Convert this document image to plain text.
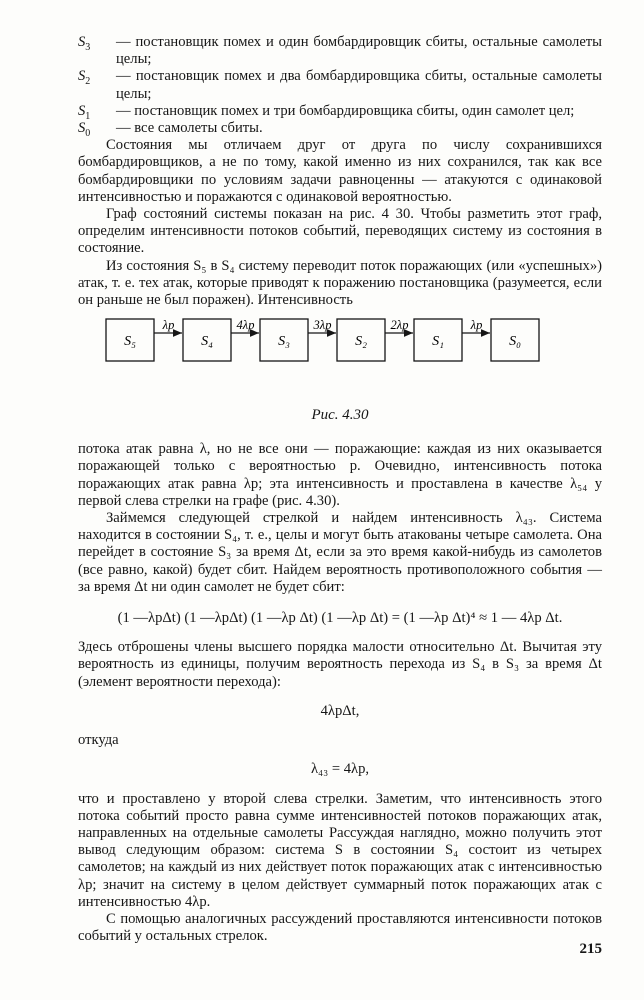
$S_3$	— постановщик помех и один бомбардировщик сбиты, остальные самолеты целы;
$S_2$	— постановщик помех и два бомбардировщика сбиты, остальные самолеты целы;
$S_1$	— постановщик помех и три бомбардировщика сбиты, один самолет цел;
$S_0$	— все самолеты сбиты.

Состояния мы отличаем друг от друга по числу сохранившихся бомбардировщиков, а не по тому, какой именно из них сохранился, так как все бомбардировщики по условиям задачи равноценны — атакуются с одинаковой интенсивностью и поражаются с одинаковой вероятностью.

Граф состояний системы показан на рис. 4 30. Чтобы разметить этот граф, определим интенсивности потоков событий, переводящих систему из состояния в состояние.

Из состояния S₅ в S₄ систему переводит поток поражающих (или «успешных») атак, т. е. тех атак, которые приводят к поражению постановщика (разумеется, если он раньше не был поражен). Интенсивность

S₅	S₄	S₃	S₂	S₁	S₀
λp	4λp	3λp	2λp	λp
Рис. 4.30

потока атак равна λ, но не все они — поражающие: каждая из них оказывается поражающей только с вероятностью p. Очевидно, интенсивность потока поражающих атак равна λp; эта интенсивность и проставлена в качестве λ₅₄ у первой слева стрелки на графе (рис. 4.30).

Займемся следующей стрелкой и найдем интенсивность λ₄₃. Система находится в состоянии S₄, т. е., целы и могут быть атакованы четыре самолета. Она перейдет в состояние S₃ за время Δt, если за это время какой-нибудь из самолетов (все равно, какой) будет сбит. Найдем вероятность противоположного события — за время Δt ни один самолет не будет сбит:

(1 —λpΔt) (1 —λpΔt) (1 —λp Δt) (1 —λp Δt) = (1 —λp Δt)⁴ ≈ 1 — 4λp Δt.

Здесь отброшены члены высшего порядка малости относительно Δt. Вычитая эту вероятность из единицы, получим вероятность перехода из S₄ в S₃ за время Δt (элемент вероятности перехода):

4λpΔt,

откуда

λ₄₃ = 4λp,

что и проставлено у второй слева стрелки. Заметим, что интенсивность этого потока событий просто равна сумме интенсивностей потоков поражающих атак, направленных на отдельные самолеты Рассуждая наглядно, можно получить этот вывод следующим образом: система S в состоянии S₄ состоит из четырех самолетов; на каждый из них действует поток поражающих атак с интенсивностью λp; значит на систему в целом действует суммарный поток поражающих атак с интенсивностью 4λp.

С помощью аналогичных рассуждений проставляются интенсивности потоков событий у остальных стрелок.

215
